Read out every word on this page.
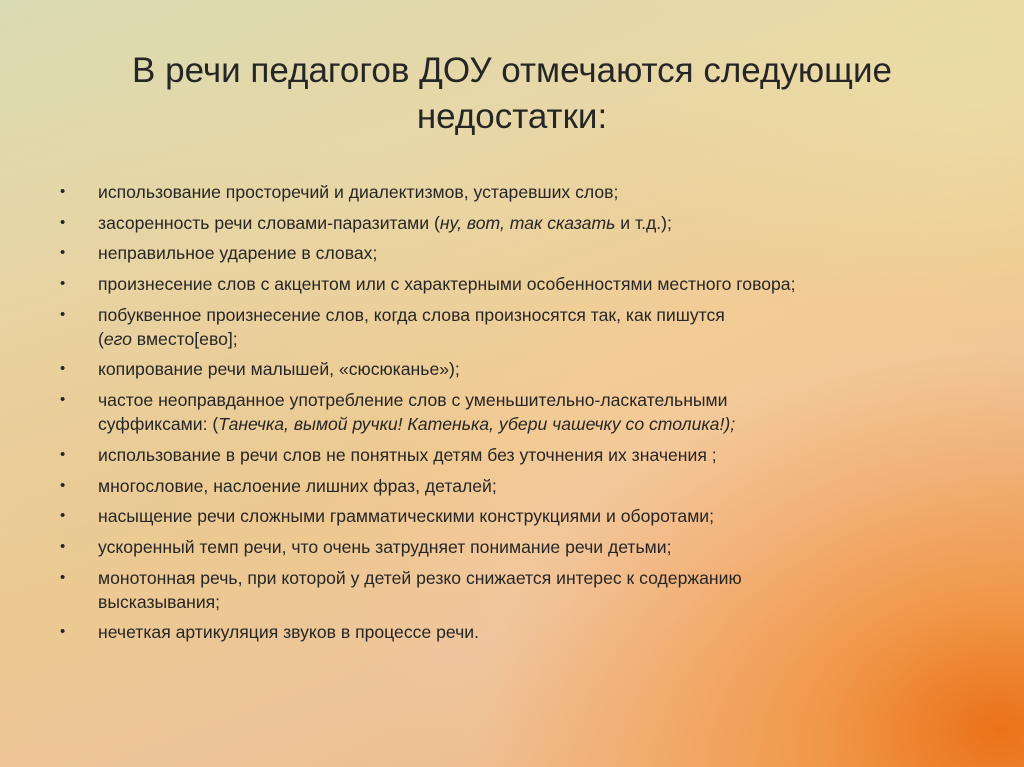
В речи педагогов ДОУ отмечаются следующие
недостатки:
•	использование просторечий и диалектизмов, устаревших слов;
•	засоренность речи словами-паразитами (ну, вот, так сказать и т.д.);
•	неправильное ударение в словах;
•	произнесение слов с акцентом или с характерными особенностями местного говора;
•	побуквенное произнесение слов, когда слова произносятся так, как пишутся
(его вместо[ево];
•	копирование речи малышей, «сюсюканье»);
•	частое неоправданное употребление слов с уменьшительно-ласкательными
суффиксами: (Танечка, вымой ручки! Катенька, убери чашечку со столика!);
•	использование в речи слов не понятных детям без уточнения их значения ;
•	многословие, наслоение лишних фраз, деталей;
•	насыщение речи сложными грамматическими конструкциями и оборотами;
•	ускоренный темп речи, что очень затрудняет понимание речи детьми;
•	монотонная речь, при которой у детей резко снижается интерес к содержанию
высказывания;
•	нечеткая артикуляция звуков в процессе речи.
